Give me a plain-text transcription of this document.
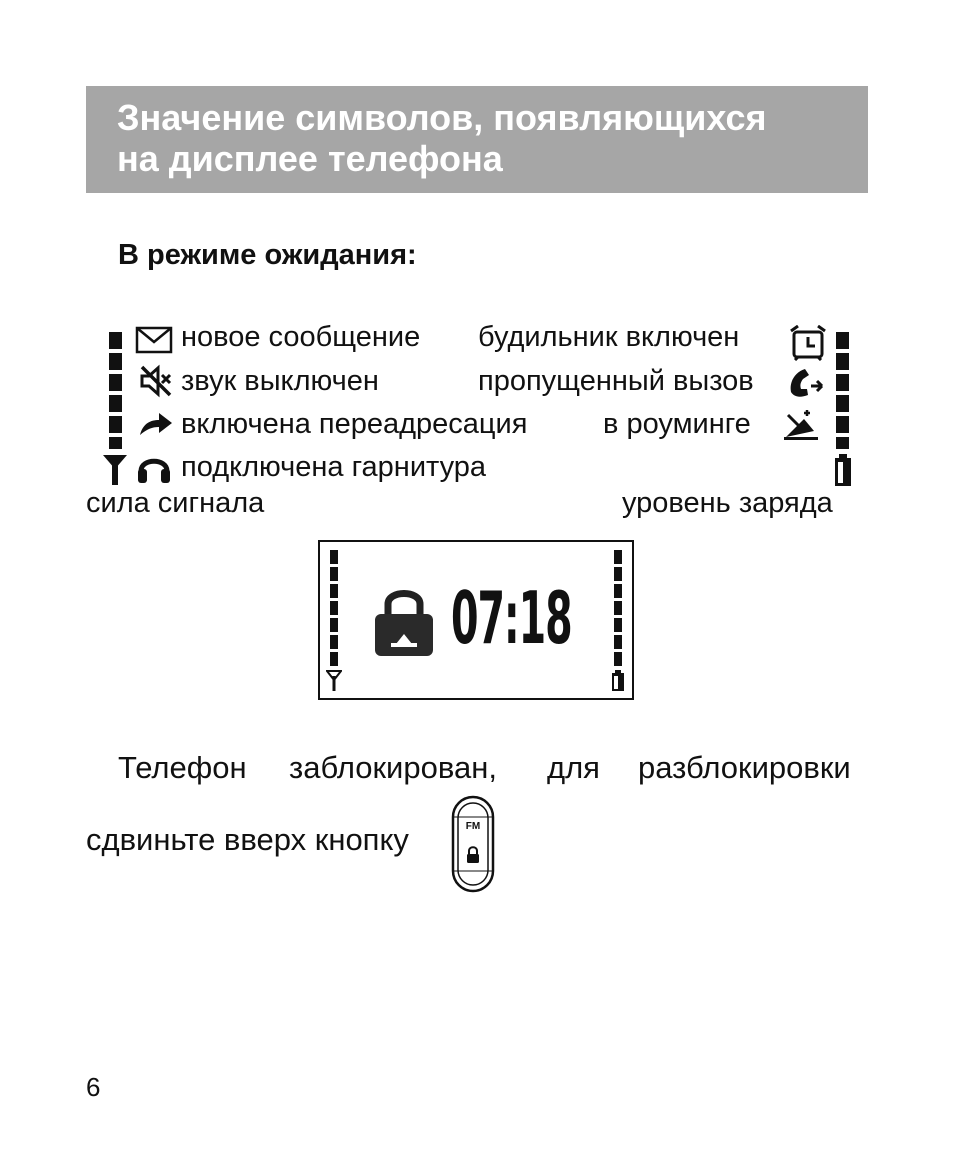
Значение символов, появляющихся
на дисплее телефона
В режиме ожидания:
новое сообщение
звук выключен
включена переадресация
подключена гарнитура
будильник включен
пропущенный вызов
в роуминге
сила сигнала	уровень заряда
07:18
Телефон заблокирован, для разблокировки
сдвиньте вверх кнопку	FM
6
